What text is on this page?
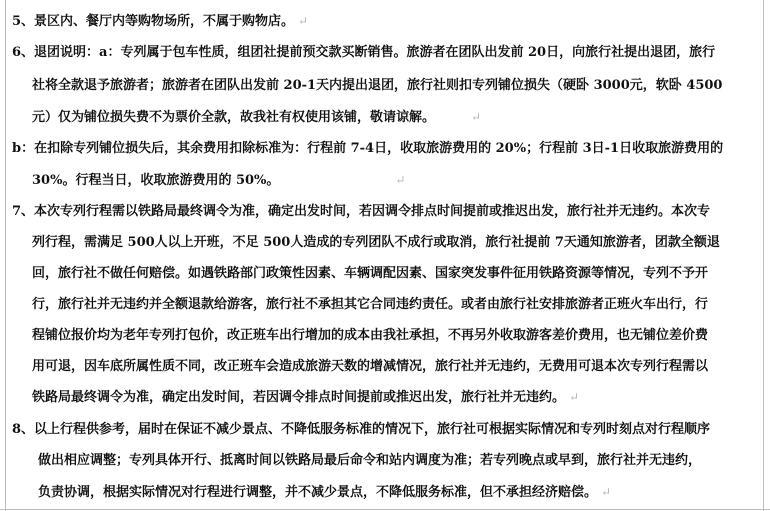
5、景区内、餐厅内等购物场所，不属于购物店。 ↵
6、退团说明：a：专列属于包车性质，组团社提前预交款买断销售。旅游者在团队出发前 20日，向旅行社提出退团，旅行
社将全款退予旅游者；旅游者在团队出发前 20-1天内提出退团，旅行社则扣专列铺位损失（硬卧 3000元，软卧 4500
元）仅为铺位损失费不为票价全款，故我社有权使用该铺，敬请谅解。	↵
b：在扣除专列铺位损失后，其余费用扣除标准为：行程前 7-4日，收取旅游费用的 20%；行程前 3日-1日收取旅游费用的
30%。行程当日，收取旅游费用的 50%。	↵
7、本次专列行程需以铁路局最终调令为准，确定出发时间，若因调令排点时间提前或推迟出发，旅行社并无违约。本次专
列行程，需满足 500人以上开班，不足 500人造成的专列团队不成行或取消，旅行社提前 7天通知旅游者，团款全额退
回，旅行社不做任何赔偿。如遇铁路部门政策性因素、车辆调配因素、国家突发事件征用铁路资源等情况，专列不予开
行，旅行社并无违约并全额退款给游客，旅行社不承担其它合同违约责任。或者由旅行社安排旅游者正班火车出行，行
程铺位报价均为老年专列打包价，改正班车出行增加的成本由我社承担，不再另外收取游客差价费用，也无铺位差价费
用可退，因车底所属性质不同，改正班车会造成旅游天数的增减情况，旅行社并无违约，无费用可退本次专列行程需以
铁路局最终调令为准，确定出发时间，若因调令排点时间提前或推迟出发，旅行社并无违约。 ↵
8、以上行程供参考，届时在保证不减少景点、不降低服务标准的情况下，旅行社可根据实际情况和专列时刻点对行程顺序
做出相应调整；专列具体开行、抵离时间以铁路局最后命令和站内调度为准；若专列晚点或早到，旅行社并无违约，
负责协调，根据实际情况对行程进行调整，并不减少景点，不降低服务标准，但不承担经济赔偿。 ↵
